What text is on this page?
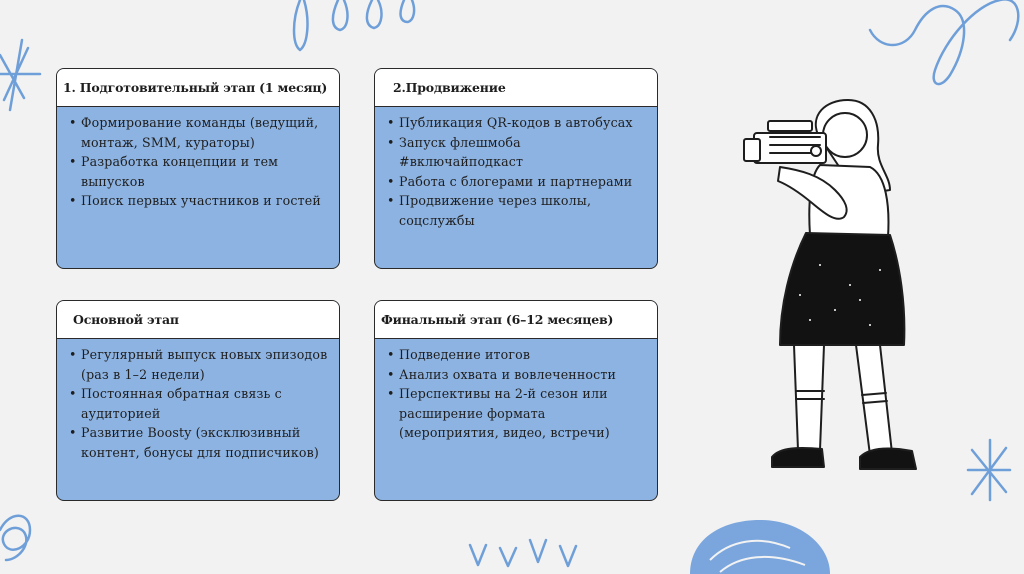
1. Подготовительный этап (1 месяц)
• Формирование команды (ведущий, монтаж, SMM, кураторы)
• Разработка концепции и тем выпусков
• Поиск первых участников и гостей
2.Продвижение
• Публикация QR-кодов в автобусах
• Запуск флешмоба #включайподкаст
• Работа с блогерами и партнерами
• Продвижение через школы, соцслужбы
Основной этап
• Регулярный выпуск новых эпизодов (раз в 1–2 недели)
• Постоянная обратная связь с аудиторией
• Развитие Boosty (эксклюзивный контент, бонусы для подписчиков)
Финальный этап (6–12 месяцев)
• Подведение итогов
• Анализ охвата и вовлеченности
• Перспективы на 2-й сезон или расширение формата (мероприятия, видео, встречи)
